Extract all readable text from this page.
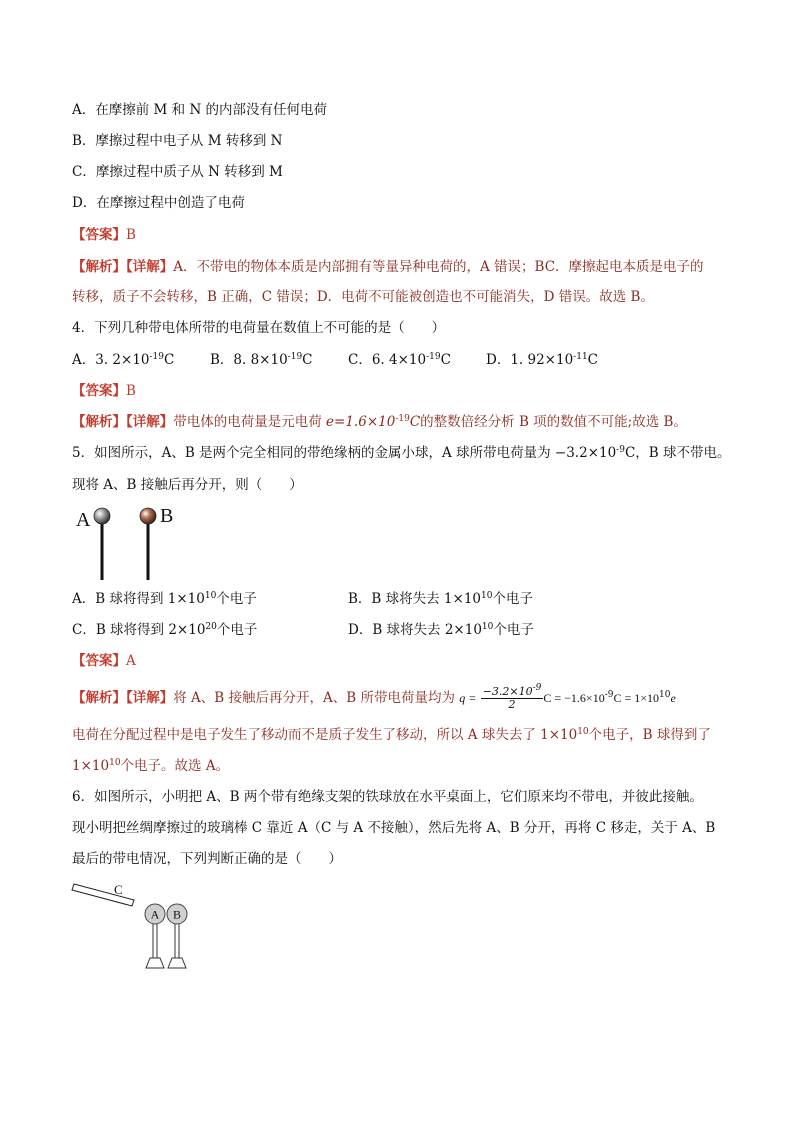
A．在摩擦前 M 和 N 的内部没有任何电荷
B．摩擦过程中电子从 M 转移到 N
C．摩擦过程中质子从 N 转移到 M
D．在摩擦过程中创造了电荷
【答案】B
【解析】【详解】A．不带电的物体本质是内部拥有等量异种电荷的，A 错误；BC．摩擦起电本质是电子的
转移，质子不会转移，B 正确，C 错误；D．电荷不可能被创造也不可能消失，D 错误。故选 B。
4．下列几种带电体所带的电荷量在数值上不可能的是（　　）
A．3. $2\times 10^{-19}C$	B．8. $8\times 10^{-19}C$	C．6. $4\times 10^{-19}C$	D．1. $92\times 10^{-11}C$
【答案】B
【解析】【详解】带电体的电荷量是元电荷 $e=1.6\times 10^{-19}C$的整数倍经分析 B 项的数值不可能;故选 B。
5．如图所示，A、B 是两个完全相同的带绝缘柄的金属小球，A 球所带电荷量为 $-3.2\times 10^{-9}C$，B 球不带电。
现将 A、B 接触后再分开，则（　　）
A	B
A．B 球将得到 $1\times 10^{10}$个电子	B．B 球将失去 $1\times 10^{10}$个电子
C．B 球将得到 $2\times 10^{20}$个电子	D．B 球将失去 $2\times 10^{10}$个电子
【答案】A
【解析】【详解】将 A、B 接触后再分开，A、B 所带电荷量均为 $q = \frac{-3.2\times 10^{-9}}{2}$ $C = -1.6\times 10^{-9}C = 1\times 10^{10}e$
电荷在分配过程中是电子发生了移动而不是质子发生了移动，所以 A 球失去了 $1\times 10^{10}$个电子，B 球得到了
$1\times 10^{10}$个电子。故选 A。
6．如图所示，小明把 A、B 两个带有绝缘支架的铁球放在水平桌面上，它们原来均不带电，并彼此接触。
现小明把丝绸摩擦过的玻璃棒 C 靠近 A（C 与 A 不接触），然后先将 A、B 分开，再将 C 移走，关于 A、B
最后的带电情况，下列判断正确的是（　　）
C
A B
